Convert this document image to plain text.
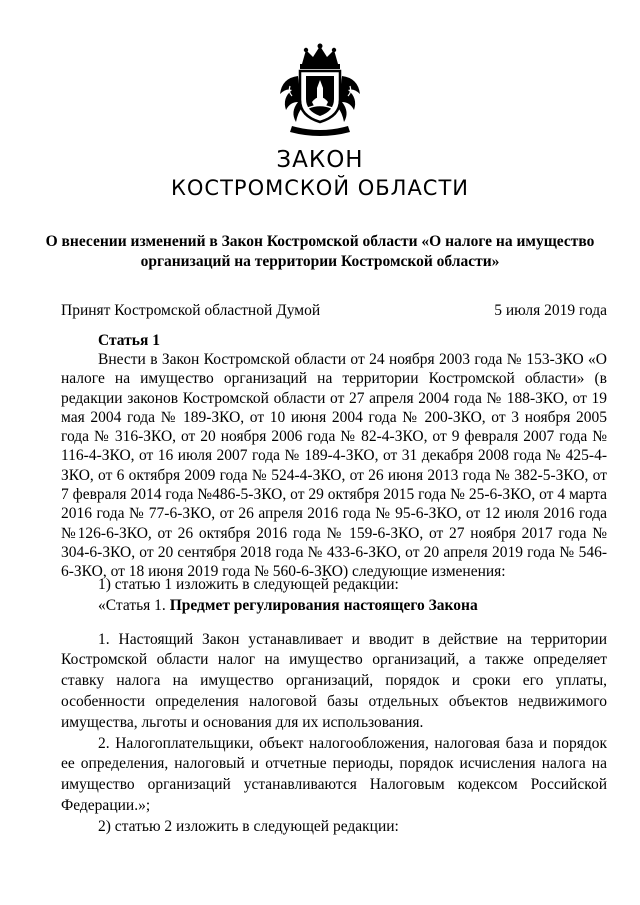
ЗАКОН
КОСТРОМСКОЙ ОБЛАСТИ
О внесении изменений в Закон Костромской области «О налоге на имущество
организаций на территории Костромской области»
Принят Костромской областной Думой	5 июля 2019 года
Статья 1

Внести в Закон Костромской области от 24 ноября 2003 года № 153-ЗКО «О налоге на имущество организаций на территории Костромской области» (в редакции законов Костромской области от 27 апреля 2004 года № 188-ЗКО, от 19 мая 2004 года № 189-ЗКО, от 10 июня 2004 года № 200-ЗКО, от 3 ноября 2005 года № 316-ЗКО, от 20 ноября 2006 года № 82-4-ЗКО, от 9 февраля 2007 года № 116-4-ЗКО, от 16 июля 2007 года № 189-4-ЗКО, от 31 декабря 2008 года № 425-4-ЗКО, от 6 октября 2009 года № 524-4-ЗКО, от 26 июня 2013 года № 382-5-ЗКО, от 7 февраля 2014 года №486-5-ЗКО, от 29 октября 2015 года № 25-6-ЗКО, от 4 марта 2016 года № 77-6-ЗКО, от 26 апреля 2016 года № 95-6-ЗКО, от 12 июля 2016 года №126-6-ЗКО, от 26 октября 2016 года № 159-6-ЗКО, от 27 ноября 2017 года № 304-6-ЗКО, от 20 сентября 2018 года № 433-6-ЗКО, от 20 апреля 2019 года № 546-6-ЗКО, от 18 июня 2019 года № 560-6-ЗКО) следующие изменения:

1) статью 1 изложить в следующей редакции:

«Статья 1. Предмет регулирования настоящего Закона

1. Настоящий Закон устанавливает и вводит в действие на территории Костромской области налог на имущество организаций, а также определяет ставку налога на имущество организаций, порядок и сроки его уплаты, особенности определения налоговой базы отдельных объектов недвижимого имущества, льготы и основания для их использования.

2. Налогоплательщики, объект налогообложения, налоговая база и порядок ее определения, налоговый и отчетные периоды, порядок исчисления налога на имущество организаций устанавливаются Налоговым кодексом Российской Федерации.»;

2) статью 2 изложить в следующей редакции:
